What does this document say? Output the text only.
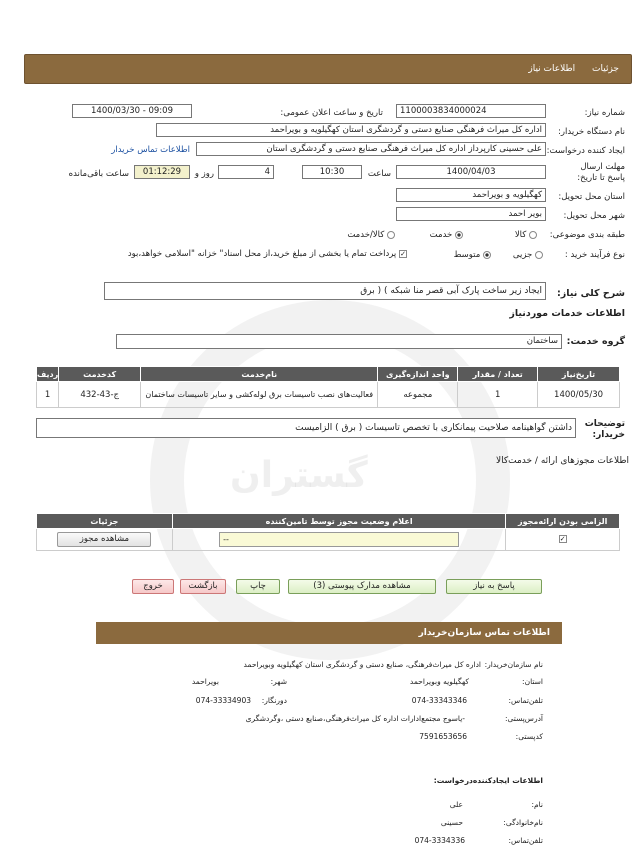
گستران
جزئیات اطلاعات نیاز
شماره نیاز:
1100003834000024
تاریخ و ساعت اعلان عمومی:
1400/03/30 - 09:09
نام دستگاه خریدار:
اداره کل میراث فرهنگی صنایع دستی و گردشگری استان کهگیلویه و بویراحمد
ایجاد کننده درخواست:
علی حسینی کارپرداز اداره کل میراث فرهنگی صنایع دستی و گردشگری استان
اطلاعات تماس خریدار
مهلت ارسال پاسخ تا تاریخ:
1400/04/03
ساعت
10:30
روز و	4
01:12:29
ساعت باقی‌مانده
استان محل تحویل:
کهگیلویه و بویراحمد
شهر محل تحویل:
بویر احمد
طبقه بندی موضوعی:
کالا
خدمت
کالا/خدمت
نوع فرآیند خرید :
جزیی
متوسط
✓ پرداخت تمام یا بخشی از مبلغ خرید،از محل اسناد" خزانه "اسلامی خواهد،بود
شرح کلی نیاز:
ایجاد زیر ساخت پارک آبی قصر منا شبکه ) ( برق
اطلاعات خدمات مورد‌نیاز
گروه خدمت:
ساختمان
ردیف	کدخدمت	نام‌خدمت	واحد اندازه‌گیری	تعداد / مقدار	تاریخ‌نیاز
1	ج-43-432	فعالیت‌های نصب تاسیسات برق لوله‌کشی و سایر تاسیسات ساختمان	مجموعه	1	1400/05/30
توضیحات خریدار:
داشتن گواهینامه صلاحیت پیمانکاری با تخصص تاسیسات ( برق ) الزامیست
اطلاعات مجوزهای ارائه / خدمت‌کالا
جزئیات	اعلام وضعیت مجوز توسط تامین‌کننده	الزامی بودن ارائه‌مجوز

مشاهده مجوز	--	✓
پاسخ به نیاز
مشاهده مدارک پیوستی (3)
چاپ
بازگشت
خروج
اطلاعات تماس سازمان‌خریدار
نام سازمان‌خریدار:
اداره کل میراث‌فرهنگی، صنایع دستی و گردشگری استان کهگیلویه وبویراحمد
استان:
کهگیلویه وبویراحمد
شهر:
بویراحمد
تلفن‌تماس:
074-33343346
دورنگار:
074-33334903
آدرس‌پستی:
-یاسوج مجتمع‌ادارات اداره کل میراث‌فرهنگی،صنایع دستی ،وگردشگری
کدپستی:
7591653656
اطلاعات ایجادکننده‌درخواست:
نام:
علی
نام‌خانوادگی:
حسینی
تلفن‌تماس:
074-3334336
